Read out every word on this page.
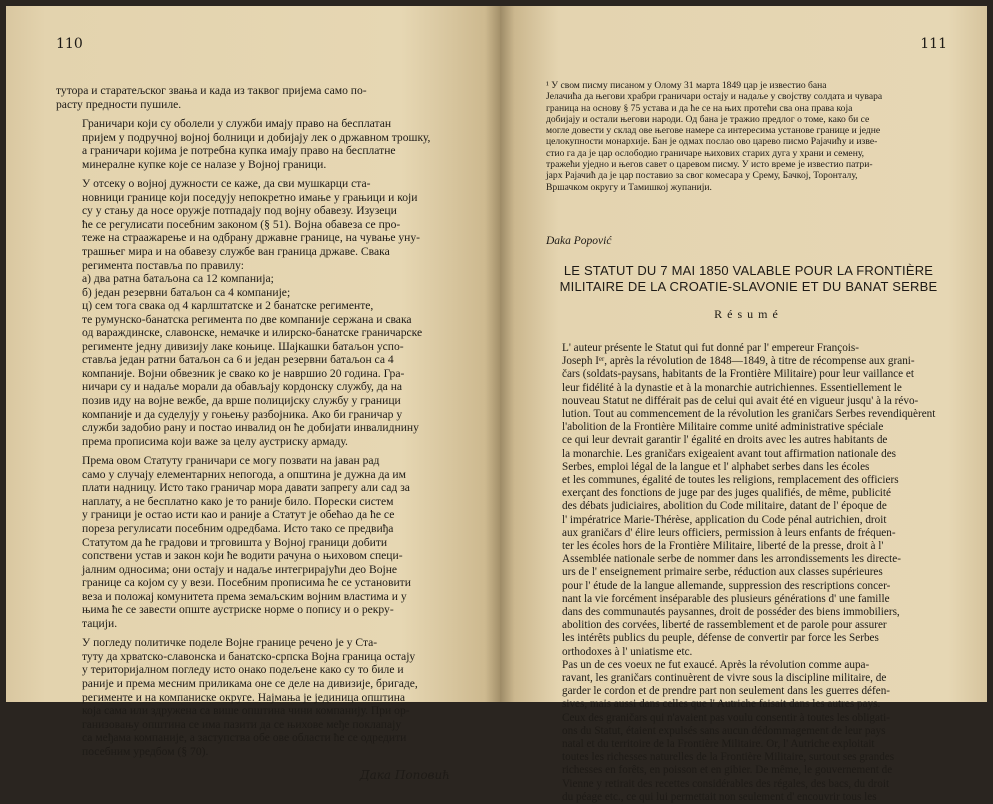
110

тутора и старатељског звања и када из таквог пријема само по-
расту предности пушиле.

Граничари који су оболели у служби имају право на бесплатан
пријем у подручној војној болници и добијају лек о државном трошку,
а граничари којима је потребна купка имају право на бесплатне
минералне купке које се налазе у Војној граници.

У отсеку о војној дужности се каже, да сви мушкарци ста-
новници границе који поседују непокретно имање у грањици и који
су у стању да носе оружје потпадају под војну обавезу. Изузеци
ће се регулисати посебним законом (§ 51). Војна обавеза се про-
теже на страажарење и на одбрану државне границе, на чување уну-
трашњег мира и на обавезу службе ван граница државе. Свака
регимента поставља по правилу:

а) два ратна батаљона са 12 компанија;

б) један резервни батаљон са 4 компаније;

ц) сем тога свака од 4 карлштатске и 2 банатске регименте,
те румунско-банатска регимента по две компаније сержана и свака
од вараждинске, славонске, немачке и илирско-банатске граничарске
регименте једну дивизију лаке коњице. Шајкашки батаљон успо-
ставља један ратни батаљон са 6 и један резервни батаљон са 4
компаније. Војни обвезник је свако ко је навршио 20 година. Гра-
ничари су и надаље морали да обављају кордонску службу, да на
позив иду на војне вежбе, да врше полицијску службу у граници
компаније и да суделују у гоњењу разбојника. Ако би граничар у
служби задобио рану и постао инвалид он ће добијати инвалиднину
према прописима који важе за целу аустриску армаду.

Према овом Статуту граничари се могу позвати на јаван рад
само у случају елементарних непогода, а општина је дужна да им
плати надницу. Исто тако граничар мора давати запрегу али сад за
наплату, а не бесплатно како је то раније било. Порески систем
у граници је остао исти као и раније а Статут је обећао да ће се
пореза регулисати посебним одредбама. Исто тако се предвиђа
Статутом да ће градови и трговишта у Војној граници добити
сопствени устав и закон који ће водити рачуна о њиховом специ-
јалним односима; они остају и надаље интегрирајући део Војне
границе са којом су у вези. Посебним прописима ће се установити
веза и положај комунитета према земаљским војним властима и у
њима ће се завести опште аустриске норме о попису и о рекру-
тацији.

У погледу политичке поделе Војне границе речено је у Ста-
туту да хрватско-славонска и банатско-српска Војна граница остају
у територијалном погледу исто онако подељене како су то биле и
раније и према месним приликама оне се деле на дивизије, бригаде,
регименте и на компаниске округе. Најмања је јединица општина
која сама или здружена са више општина чини компанију. При ор-
ганизовању општина се има пазити да се њихове међе поклапају
са међама компаније, а заступства обе ове области ће се одредити
посебним уредбом (§ 70).

Дака Поповић
111
¹ У свом писму писаном у Олому 31 марта 1849 цар је известио бана
Јелачића да његови храбри граничари остају и надаље у својству солдата и чувара
граница на основу § 75 устава и да ће се на њих протећи сва она права која
добијају и остали његови народи. Од бана је тражио предлог о томе, како би се
могле довести у склад ове његове намере са интересима установе границе и једне
целокупности монархије. Бан је одмах послао ово царево писмо Рајачићу и изве-
стио га да је цар ослободио граничаре њихових старих дуга у храни и семену,
тражећи уједно и његов савет о царевом писму. У исто време је известио патри-
јарх Рајачић да је цар поставио за свог комесара у Срему, Бачкој, Торонталу,
Вршачком округу и Тамишкој жупанији.
Daka Popović
LE STATUT DU 7 MAI 1850 VALABLE POUR LA FRONTIÈRE
MILITAIRE DE LA CROATIE-SLAVONIE ET DU BANAT SERBE
Résumé

L' auteur présente le Statut qui fut donné par l' empereur François-
Joseph Iᵉʳ, après la révolution de 1848—1849, à titre de récompense aux grani-
čars (soldats-paysans, habitants de la Frontière Militaire) pour leur vaillance et
leur fidélité à la dynastie et à la monarchie autrichiennes. Essentiellement le
nouveau Statut ne différait pas de celui qui avait été en vigueur jusqu' à la révo-
lution. Tout au commencement de la révolution les graničars Serbes revendiquèrent
l'abolition de la Frontière Militaire comme unité administrative spéciale
ce qui leur devrait garantir l' égalité en droits avec les autres habitants de
la monarchie. Les graničars exigeaient avant tout affirmation nationale des
Serbes, emploi légal de la langue et l' alphabet serbes dans les écoles
et les communes, égalité de toutes les religions, remplacement des officiers
exerçant des fonctions de juge par des juges qualifiés, de même, publicité
des débats judiciaires, abolition du Code militaire, datant de l' époque de
l' impératrice Marie-Thérèse, application du Code pénal autrichien, droit
aux graničars d' élire leurs officiers, permission à leurs enfants de fréquen-
ter les écoles hors de la Frontière Militaire, liberté de la presse, droit à l'
Assemblée nationale serbe de nommer dans les arrondissements les directe-
urs de l' enseignement primaire serbe, réduction aux classes supérieures
pour l' étude de la langue allemande, suppression des rescriptions concer-
nant la vie forcément inséparable des plusieurs générations d' une famille
dans des communautés paysannes, droit de posséder des biens immobiliers,
abolition des corvées, liberté de rassemblement et de parole pour assurer
les intérêts publics du peuple, défense de convertir par force les Serbes
orthodoxes à l' uniatisme etc.

Pas un de ces voeux ne fut exaucé. Après la révolution comme aupa-
ravant, les graničars continuèrent de vivre sous la discipline militaire, de
garder le cordon et de prendre part non seulement dans les guerres défen-
sives, mais aussi dans celles que l' Autriche faisait dans les autres pays.
Ceux des graničars qui n'avaient pas voulu consentir à toutes les obligati-
ons du Statut, étaient expulsés sans aucun dédommagement de leur pays
natal et du territoire de la Frontière Militaire. Or, l' Autriche exploitait
toutes les richesses naturelles de la Frontière Militaire, surtout ses grandes
richesses en forêts, en poisson et en gibier. De même, le gouvernement de
Vienne y retirait des recettes considérables des régales, des bacs, du droit
du péage etc., ce qui lui permettait non seulement d' encouvrir tous les
